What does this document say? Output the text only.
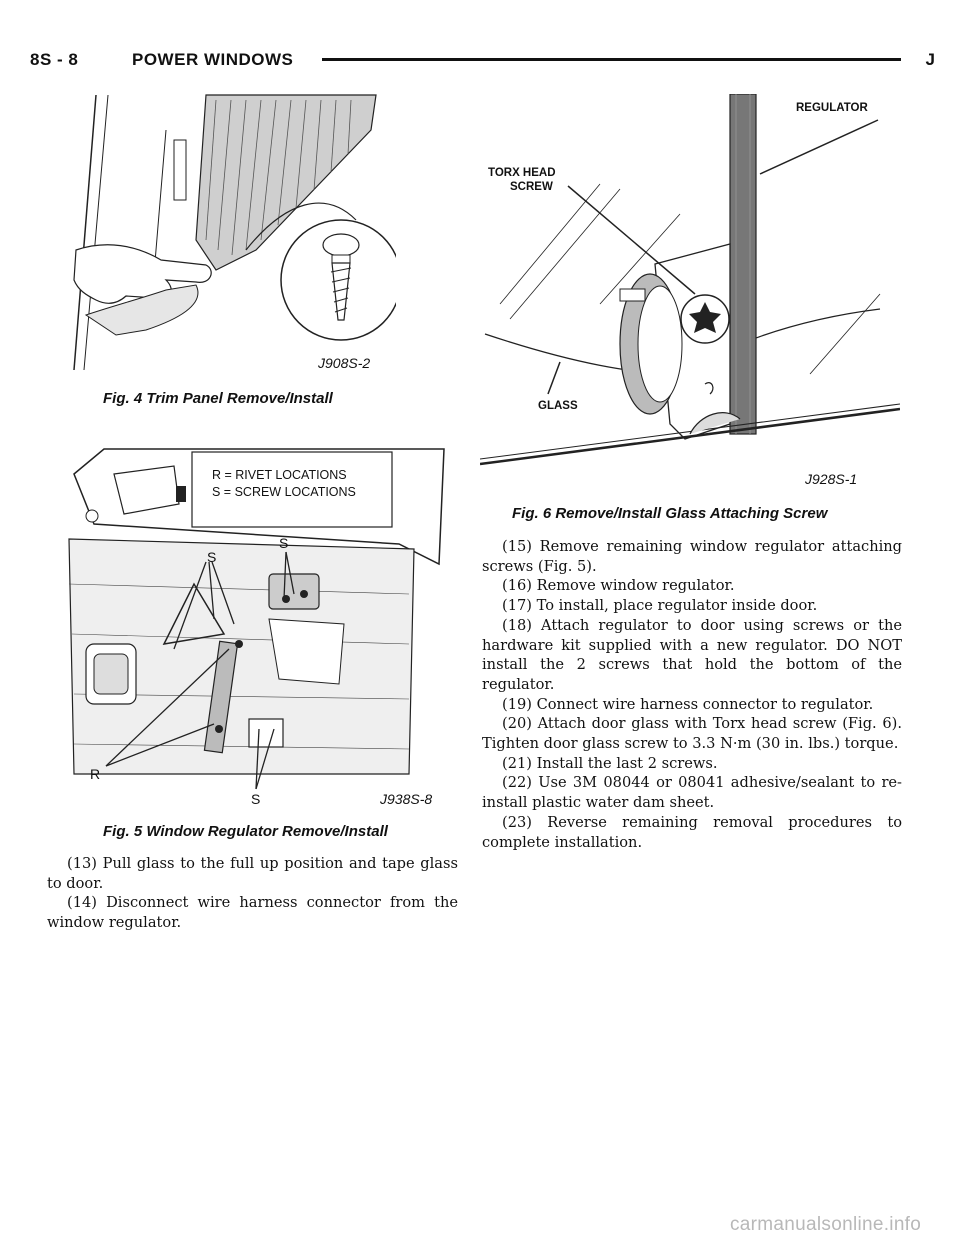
8S - 8	POWER WINDOWS	J
J908S-2
Fig. 4 Trim Panel Remove/Install
R = RIVET LOCATIONS
S = SCREW LOCATIONS
S
S
R
S	J938S-8
Fig. 5 Window Regulator Remove/Install
REGULATOR
TORX HEAD
SCREW
GLASS
J928S-1
Fig. 6 Remove/Install Glass Attaching Screw

(13) Pull glass to the full up position and tape glass to door.

(14) Disconnect wire harness connector from the window regulator.

(15) Remove remaining window regulator attaching screws (Fig. 5).

(16) Remove window regulator.

(17) To install, place regulator inside door.

(18) Attach regulator to door using screws or the hardware kit supplied with a new regulator. DO NOT install the 2 screws that hold the bottom of the regulator.

(19) Connect wire harness connector to regulator.

(20) Attach door glass with Torx head screw (Fig. 6). Tighten door glass screw to 3.3 N·m (30 in. lbs.) torque.

(21) Install the last 2 screws.

(22) Use 3M 08044 or 08041 adhesive/sealant to re-install plastic water dam sheet.

(23) Reverse remaining removal procedures to complete installation.

carmanualsonline.info
